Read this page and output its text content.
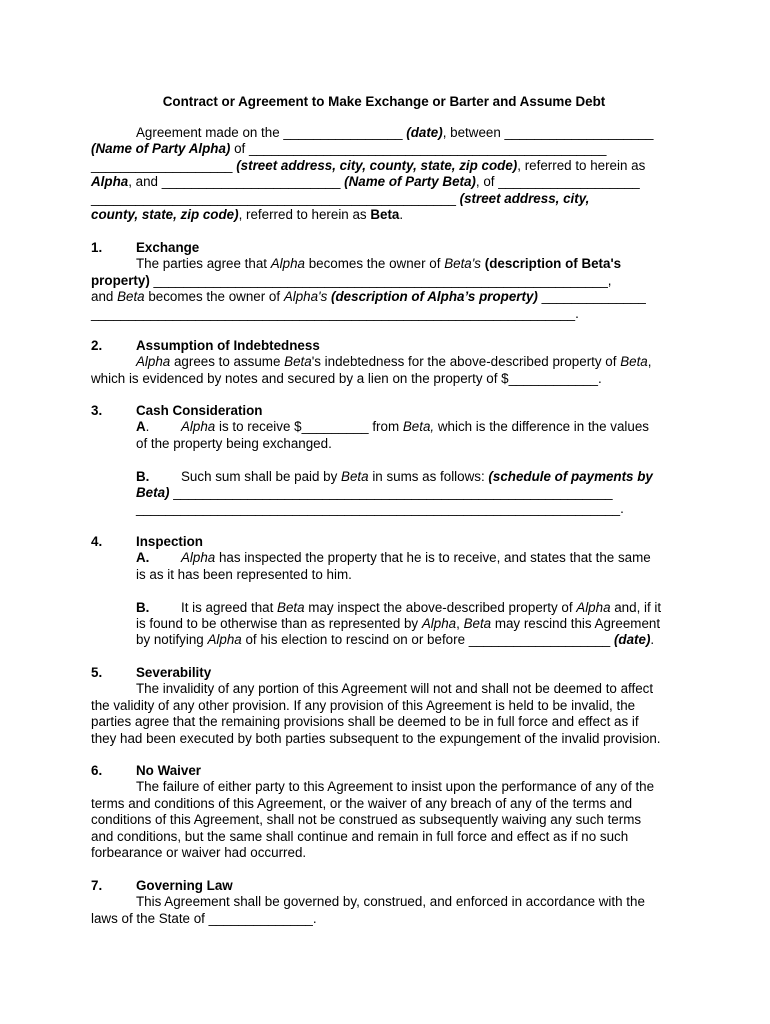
Contract or Agreement to Make Exchange or Barter and Assume Debt
Agreement made on the ________________ (date), between ____________________
(Name of Party Alpha) of ________________________________________________
___________________ (street address, city, county, state, zip code), referred to herein as
Alpha, and ________________________ (Name of Party Beta), of ___________________
_________________________________________________ (street address, city,
county, state, zip code), referred to herein as Beta.
1.	Exchange
The parties agree that Alpha becomes the owner of Beta's (description of Beta's
property) _____________________________________________________________,
and Beta becomes the owner of Alpha's (description of Alpha’s property) ______________
_________________________________________________________________.
2.	Assumption of Indebtedness
Alpha agrees to assume Beta's indebtedness for the above-described property of Beta,
which is evidenced by notes and secured by a lien on the property of $____________.
3.	Cash Consideration
A. Alpha is to receive $_________ from Beta, which is the difference in the values
of the property being exchanged.
B. Such sum shall be paid by Beta in sums as follows: (schedule of payments by
Beta) ___________________________________________________________
_________________________________________________________________.
4.	Inspection
A. Alpha has inspected the property that he is to receive, and states that the same
is as it has been represented to him.
B. It is agreed that Beta may inspect the above-described property of Alpha and, if it
is found to be otherwise than as represented by Alpha, Beta may rescind this Agreement
by notifying Alpha of his election to rescind on or before ___________________ (date).
5.	Severability
The invalidity of any portion of this Agreement will not and shall not be deemed to affect
the validity of any other provision. If any provision of this Agreement is held to be invalid, the
parties agree that the remaining provisions shall be deemed to be in full force and effect as if
they had been executed by both parties subsequent to the expungement of the invalid provision.
6.	No Waiver
The failure of either party to this Agreement to insist upon the performance of any of the
terms and conditions of this Agreement, or the waiver of any breach of any of the terms and
conditions of this Agreement, shall not be construed as subsequently waiving any such terms
and conditions, but the same shall continue and remain in full force and effect as if no such
forbearance or waiver had occurred.
7.	Governing Law
This Agreement shall be governed by, construed, and enforced in accordance with the
laws of the State of ______________.
